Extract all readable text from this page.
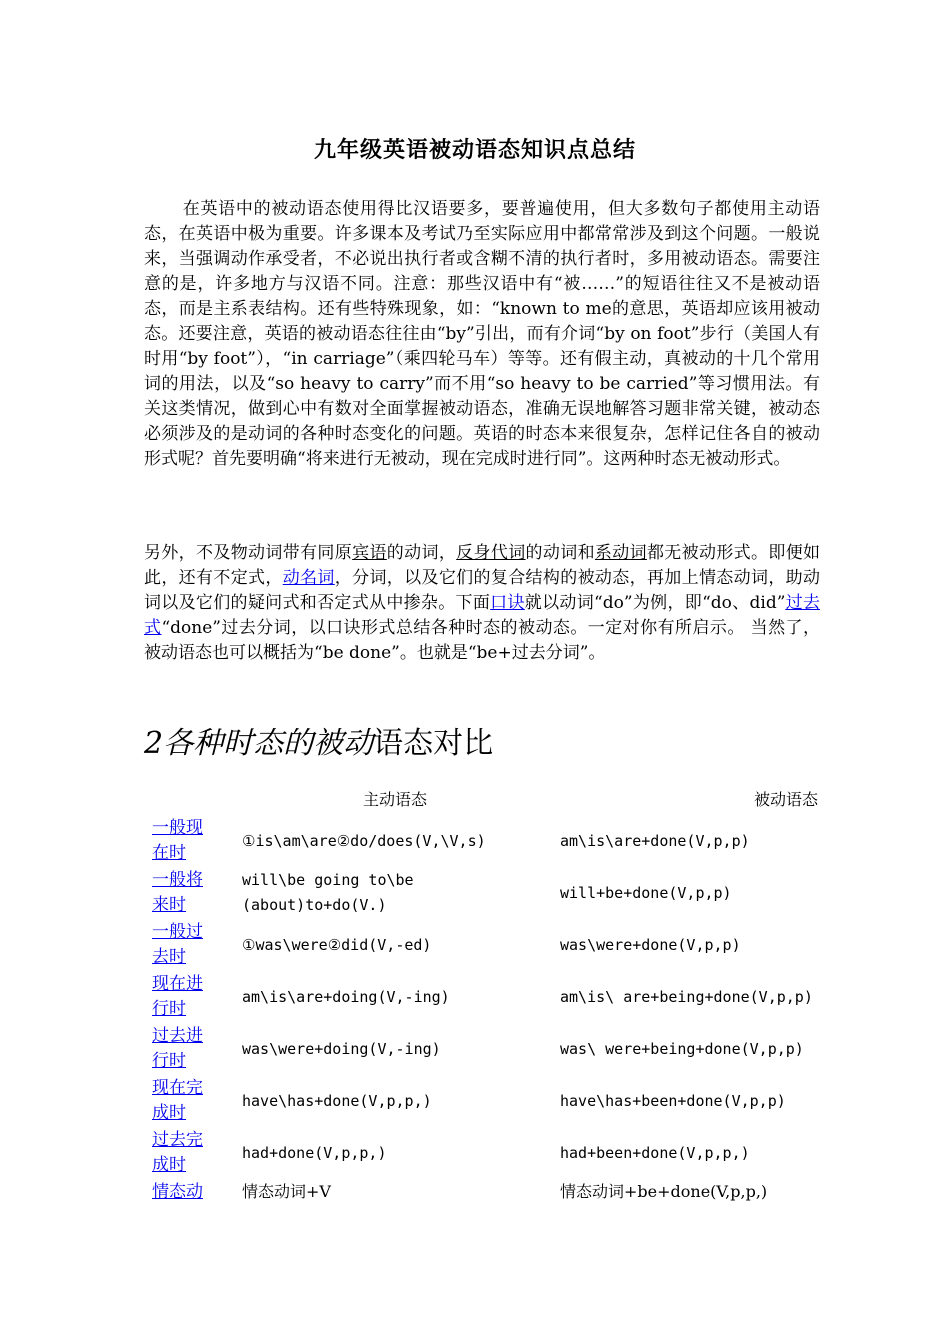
九年级英语被动语态知识点总结
在英语中的被动语态使用得比汉语要多，要普遍使用，但大多数句子都使用主动语态，在英语中极为重要。许多课本及考试乃至实际应用中都常常涉及到这个问题。一般说来，当强调动作承受者，不必说出执行者或含糊不清的执行者时，多用被动语态。需要注意的是，许多地方与汉语不同。注意：那些汉语中有“被……”的短语往往又不是被动语态，而是主系表结构。还有些特殊现象，如：“known to me的意思，英语却应该用被动态。还要注意，英语的被动语态往往由“by”引出，而有介词“by on foot”步行（美国人有时用“by foot”），“in carriage”（乘四轮马车）等等。还有假主动，真被动的十几个常用词的用法，以及“so heavy to carry”而不用“so heavy to be carried”等习惯用法。有关这类情况，做到心中有数对全面掌握被动语态，准确无误地解答习题非常关键，被动态必须涉及的是动词的各种时态变化的问题。英语的时态本来很复杂，怎样记住各自的被动形式呢？首先要明确“将来进行无被动，现在完成时进行同”。这两种时态无被动形式。
另外，不及物动词带有同原宾语的动词，反身代词的动词和系动词都无被动形式。即便如此，还有不定式，动名词，分词，以及它们的复合结构的被动态，再加上情态动词，助动词以及它们的疑问式和否定式从中掺杂。下面口诀就以动词“do”为例，即“do、did”过去式“done”过去分词，以口诀形式总结各种时态的被动态。一定对你有所启示。 当然了，被动语态也可以概括为“be done”。也就是“be+过去分词”。
2各种时态的被动语态对比
	主动语态	被动语态
一般现在时	①is\am\are②do/does(V,\V,s)	am\is\are+done(V,p,p)
一般将来时	will\be going to\be (about)to+do(V.)	will+be+done(V,p,p)
一般过去时	①was\were②did(V,-ed)	was\were+done(V,p,p)
现在进行时	am\is\are+doing(V,-ing)	am\is\ are+being+done(V,p,p)
过去进行时	was\were+doing(V,-ing)	was\ were+being+done(V,p,p)
现在完成时	have\has+done(V,p,p,)	have\has+been+done(V,p,p)
过去完成时	had+done(V,p,p,)	had+been+done(V,p,p,)
情态动	情态动词+V	情态动词+be+done(V,p,p,)
